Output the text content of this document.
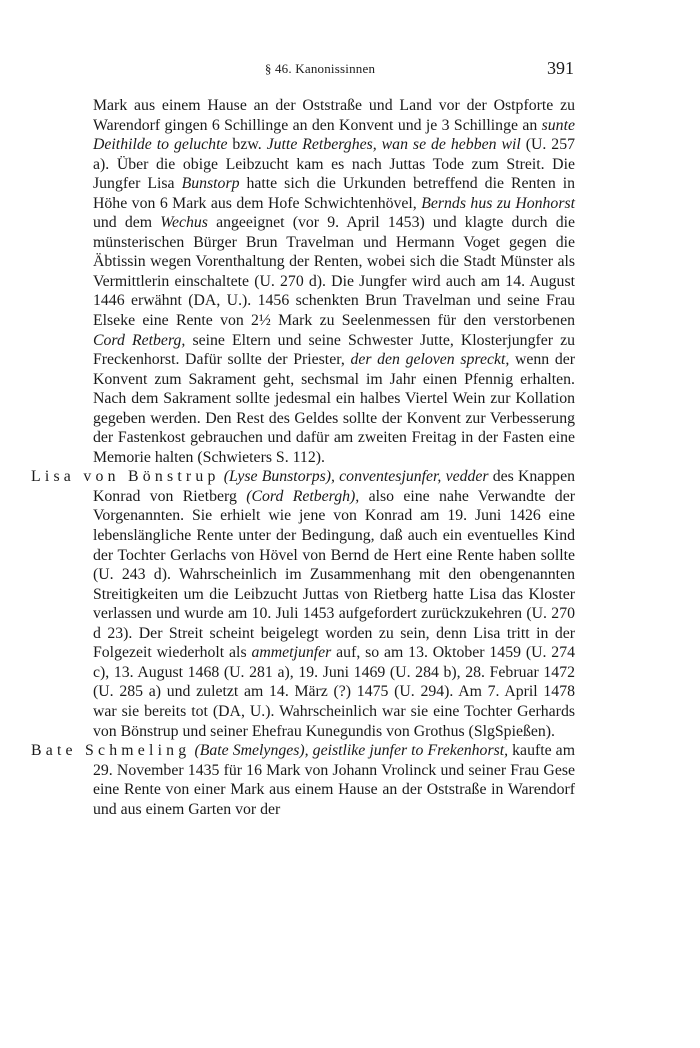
§ 46. Kanonissinnen	391

Mark aus einem Hause an der Oststraße und Land vor der Ostpforte zu Warendorf gingen 6 Schillinge an den Konvent und je 3 Schillinge an sunte Deithilde to geluchte bzw. Jutte Retberghes, wan se de hebben wil (U. 257 a). Über die obige Leibzucht kam es nach Juttas Tode zum Streit. Die Jungfer Lisa Bunstorp hatte sich die Urkunden betreffend die Renten in Höhe von 6 Mark aus dem Hofe Schwichtenhövel, Bernds hus zu Honhorst und dem Wechus angeeignet (vor 9. April 1453) und klagte durch die münsterischen Bürger Brun Travelman und Hermann Voget gegen die Äbtissin wegen Vorenthaltung der Renten, wobei sich die Stadt Münster als Vermittlerin einschaltete (U. 270 d). Die Jungfer wird auch am 14. August 1446 erwähnt (DA, U.). 1456 schenkten Brun Travelman und seine Frau Elseke eine Rente von 2½ Mark zu Seelenmessen für den verstorbenen Cord Retberg, seine Eltern und seine Schwester Jutte, Klosterjungfer zu Freckenhorst. Dafür sollte der Priester, der den geloven spreckt, wenn der Konvent zum Sakrament geht, sechsmal im Jahr einen Pfennig erhalten. Nach dem Sakrament sollte jedesmal ein halbes Viertel Wein zur Kollation gegeben werden. Den Rest des Geldes sollte der Konvent zur Verbesserung der Fastenkost gebrauchen und dafür am zweiten Freitag in der Fasten eine Memorie halten (Schwieters S. 112).

Lisa von Bönstrup (Lyse Bunstorps), conventesjunfer, vedder des Knappen Konrad von Rietberg (Cord Retbergh), also eine nahe Verwandte der Vorgenannten. Sie erhielt wie jene von Konrad am 19. Juni 1426 eine lebenslängliche Rente unter der Bedingung, daß auch ein eventuelles Kind der Tochter Gerlachs von Hövel von Bernd de Hert eine Rente haben sollte (U. 243 d). Wahrscheinlich im Zusammenhang mit den obengenannten Streitigkeiten um die Leibzucht Juttas von Rietberg hatte Lisa das Kloster verlassen und wurde am 10. Juli 1453 aufgefordert zurückzukehren (U. 270 d 23). Der Streit scheint beigelegt worden zu sein, denn Lisa tritt in der Folgezeit wiederholt als ammetjunfer auf, so am 13. Oktober 1459 (U. 274 c), 13. August 1468 (U. 281 a), 19. Juni 1469 (U. 284 b), 28. Februar 1472 (U. 285 a) und zuletzt am 14. März (?) 1475 (U. 294). Am 7. April 1478 war sie bereits tot (DA, U.). Wahrscheinlich war sie eine Tochter Gerhards von Bönstrup und seiner Ehefrau Kunegundis von Grothus (SlgSpießen).

Bate Schmeling (Bate Smelynges), geistlike junfer to Frekenhorst, kaufte am 29. November 1435 für 16 Mark von Johann Vrolinck und seiner Frau Gese eine Rente von einer Mark aus einem Hause an der Oststraße in Warendorf und aus einem Garten vor der
